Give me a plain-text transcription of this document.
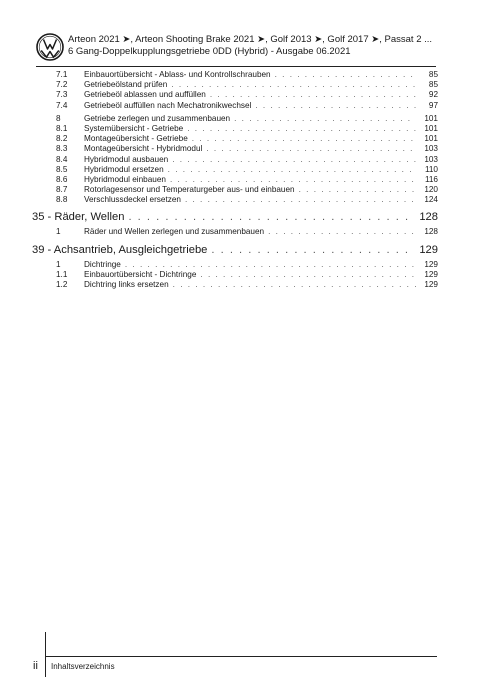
Arteon 2021 ➤, Arteon Shooting Brake 2021 ➤, Golf 2013 ➤, Golf 2017 ➤, Passat 2 ...
6 Gang-Doppelkupplungsgetriebe 0DD (Hybrid) - Ausgabe 06.2021
7.1	Einbauortübersicht - Ablass- und Kontrollschrauben . . .	85
7.2	Getriebeölstand prüfen . . .	85
7.3	Getriebeöl ablassen und auffüllen . . .	92
7.4	Getriebeöl auffüllen nach Mechatronikwechsel . . .	97
8	Getriebe zerlegen und zusammenbauen . . .	101
8.1	Systemübersicht - Getriebe . . .	101
8.2	Montageübersicht - Getriebe . . .	101
8.3	Montageübersicht - Hybridmodul . . .	103
8.4	Hybridmodul ausbauen . . .	103
8.5	Hybridmodul ersetzen . . .	110
8.6	Hybridmodul einbauen . . .	116
8.7	Rotorlagesensor und Temperaturgeber aus- und einbauen . . .	120
8.8	Verschlussdeckel ersetzen . . .	124
35 - Räder, Wellen . . .	128
1	Räder und Wellen zerlegen und zusammenbauen . . .	128
39 - Achsantrieb, Ausgleichgetriebe . . .	129
1	Dichtringe . . .	129
1.1	Einbauortübersicht - Dichtringe . . .	129
1.2	Dichtring links ersetzen . . .	129
ii Inhaltsverzeichnis
